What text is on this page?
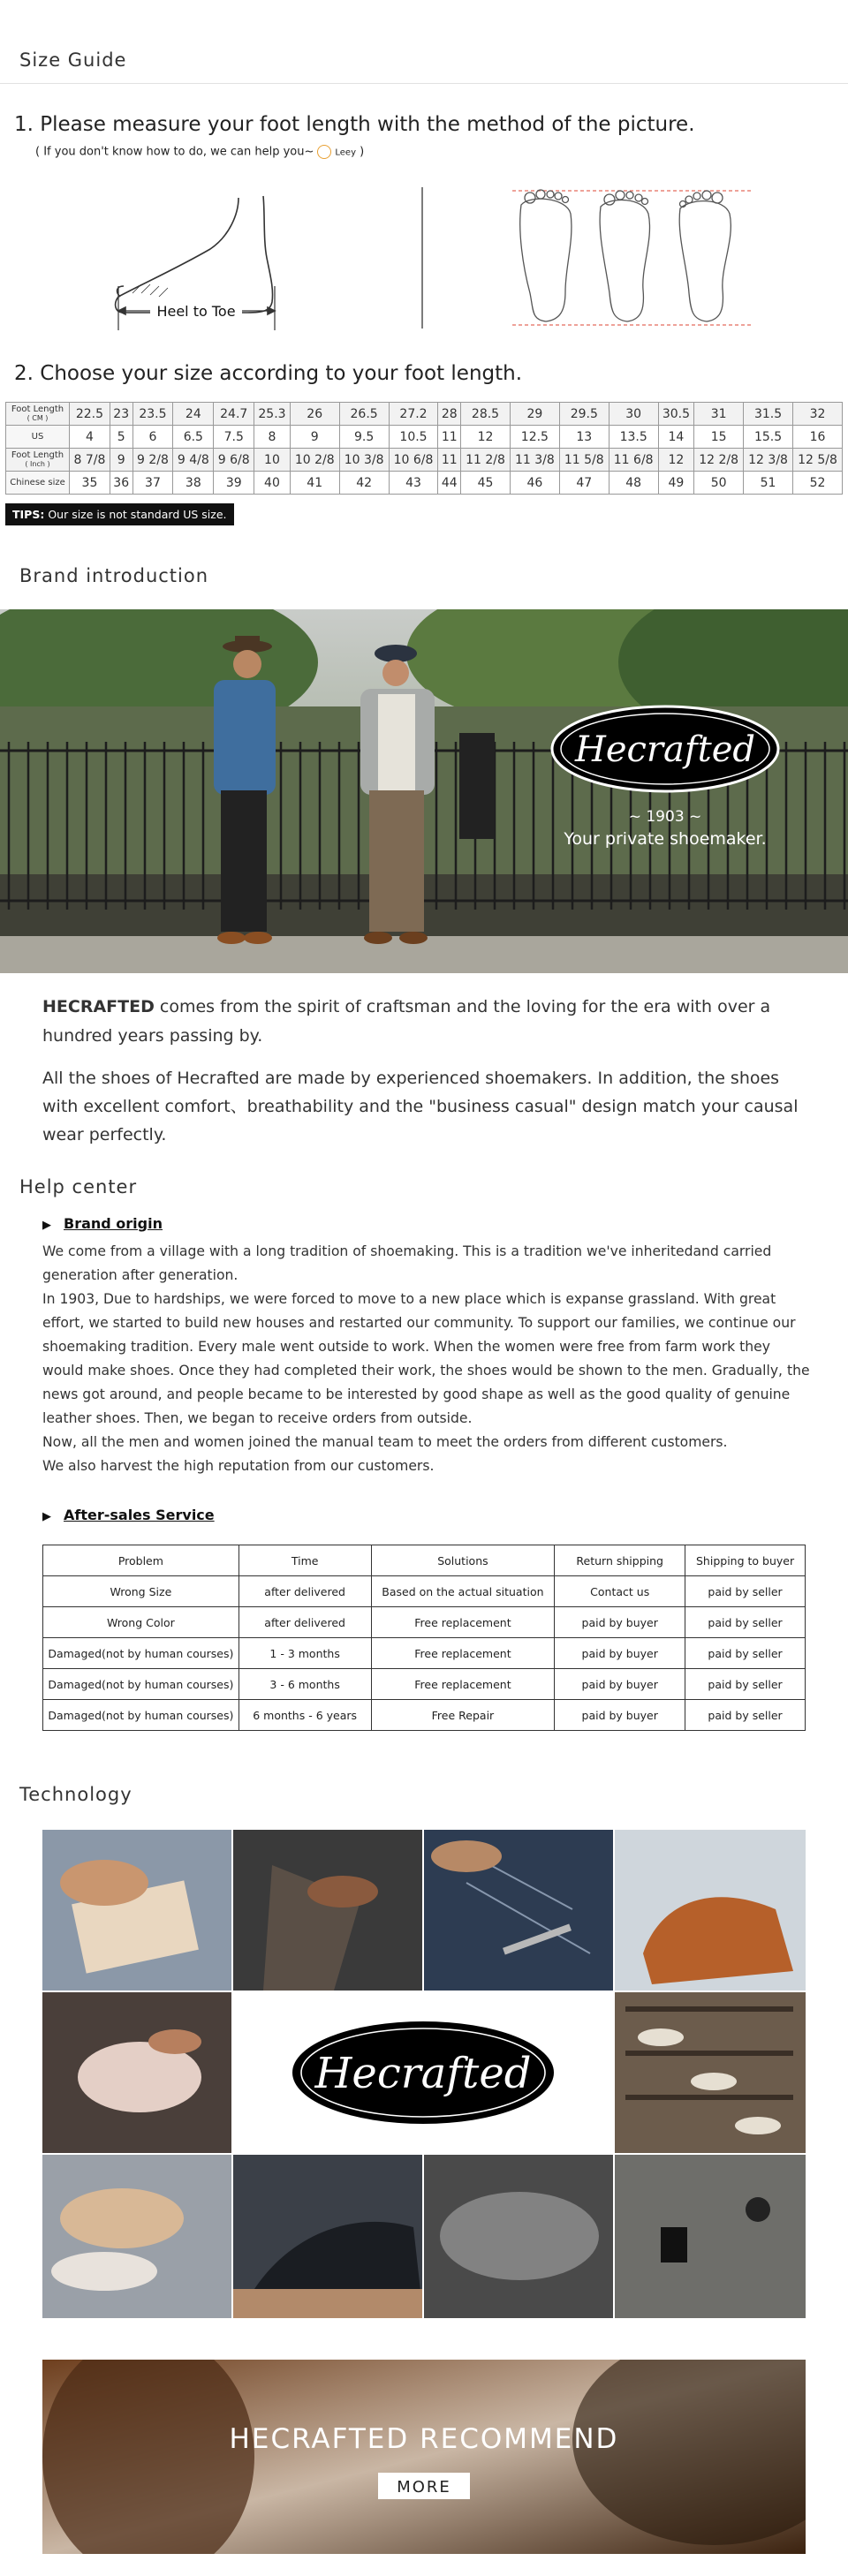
Size Guide
1. Please measure your foot length with the method of the picture.
( If you don't know how to do, we can help you~ Leey )
Heel to Toe
2. Choose your size according to your foot length.
Foot Length
( CM )	22.5	23	23.5	24	24.7	25.3	26	26.5	27.2	28	28.5	29	29.5	30	30.5	31	31.5	32

US	4	5	6	6.5	7.5	8	9	9.5	10.5	11	12	12.5	13	13.5	14	15	15.5	16

Foot Length
( Inch )	8 7/8	9	9 2/8	9 4/8	9 6/8	10	10 2/8	10 3/8	10 6/8	11	11 2/8	11 3/8	11 5/8	11 6/8	12	12 2/8	12 3/8	12 5/8

Chinese size	35	36	37	38	39	40	41	42	43	44	45	46	47	48	49	50	51	52
TIPS: Our size is not standard US size.
Brand introduction
Hecrafted
~ 1903 ~
Your private shoemaker.

HECRAFTED comes from the spirit of craftsman and the loving for the era with over a hundred years passing by.

All the shoes of Hecrafted are made by experienced shoemakers. In addition, the shoes with excellent comfort、breathability and the "business casual" design match your causal wear perfectly.

Help center
▶ Brand origin

We come from a village with a long tradition of shoemaking. This is a tradition we've inheritedand carried generation after generation.

In 1903, Due to hardships, we were forced to move to a new place which is expanse grassland. With great effort, we started to build new houses and restarted our community. To support our families, we continue our shoemaking tradition. Every male went outside to work. When the women were free from farm work they would make shoes. Once they had completed their work, the shoes would be shown to the men. Gradually, the news got around, and people became to be interested by good shape as well as the good quality of genuine leather shoes. Then, we began to receive orders from outside.

Now, all the men and women joined the manual team to meet the orders from different customers.

We also harvest the high reputation from our customers.

▶ After-sales Service
Problem	Time	Solutions	Return shipping	Shipping to buyer
Wrong Size	after delivered	Based on the actual situation	Contact us	paid by seller
Wrong Color	after delivered	Free replacement	paid by buyer	paid by seller
Damaged(not by human courses)	1 - 3 months	Free replacement	paid by buyer	paid by seller
Damaged(not by human courses)	3 - 6 months	Free replacement	paid by buyer	paid by seller
Damaged(not by human courses)	6 months - 6 years	Free Repair	paid by buyer	paid by seller
Technology
Hecrafted
HECRAFTED RECOMMEND
MORE
